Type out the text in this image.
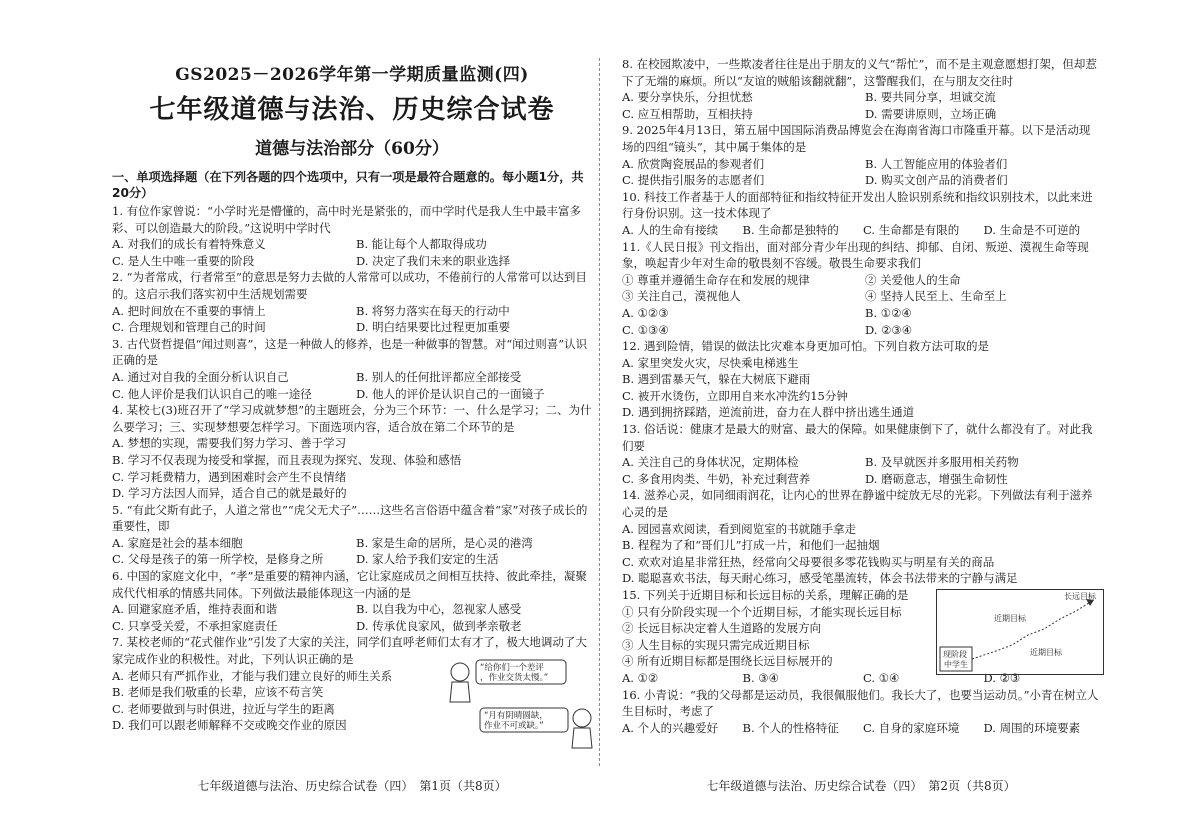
GS2025－2026学年第一学期质量监测(四)
七年级道德与法治、历史综合试卷
道德与法治部分（60分）
一、单项选择题（在下列各题的四个选项中，只有一项是最符合题意的。每小题1分，共20分）
1. 有位作家曾说：“小学时光是懵懂的，高中时光是紧张的，而中学时代是我人生中最丰富多彩、可以创造最大的阶段。”这说明中学时代
A. 对我们的成长有着特殊意义	B. 能让每个人都取得成功
C. 是人生中唯一重要的阶段	D. 决定了我们未来的职业选择
2. “为者常成，行者常至”的意思是努力去做的人常常可以成功，不倦前行的人常常可以达到目的。这启示我们落实初中生活规划需要
A. 把时间放在不重要的事情上	B. 将努力落实在每天的行动中
C. 合理规划和管理自己的时间	D. 明白结果要比过程更加重要
3. 古代贤哲提倡“闻过则喜”，这是一种做人的修养，也是一种做事的智慧。对“闻过则喜”认识正确的是
A. 通过对自我的全面分析认识自己	B. 别人的任何批评都应全部接受
C. 他人评价是我们认识自己的唯一途径	D. 他人的评价是认识自己的一面镜子
4. 某校七(3)班召开了“学习成就梦想”的主题班会，分为三个环节：一、什么是学习；二、为什么要学习；三、实现梦想要怎样学习。下面选项内容，适合放在第二个环节的是
A. 梦想的实现，需要我们努力学习、善于学习
B. 学习不仅表现为接受和掌握，而且表现为探究、发现、体验和感悟
C. 学习耗费精力，遇到困难时会产生不良情绪
D. 学习方法因人而异，适合自己的就是最好的
5. “有此父斯有此子，人道之常也”“虎父无犬子”……这些名言俗语中蕴含着“家”对孩子成长的重要性，即
A. 家庭是社会的基本细胞	B. 家是生命的居所，是心灵的港湾
C. 父母是孩子的第一所学校，是修身之所	D. 家人给予我们安定的生活
6. 中国的家庭文化中，“孝”是重要的精神内涵，它让家庭成员之间相互扶持、彼此牵挂，凝聚成代代相承的情感共同体。下列做法最能体现这一内涵的是
A. 回避家庭矛盾，维持表面和谐	B. 以自我为中心，忽视家人感受
C. 只享受关爱，不承担家庭责任	D. 传承优良家风，做到孝亲敬老
7. 某校老师的“花式催作业”引发了大家的关注，同学们直呼老师们太有才了，极大地调动了大家完成作业的积极性。对此，下列认识正确的是
A. 老师只有严抓作业，才能与我们建立良好的师生关系
B. 老师是我们敬重的长辈，应该不苟言笑
C. 老师要做到与时俱进，拉近与学生的距离
D. 我们可以跟老师解释不交或晚交作业的原因
“给你们一个差评
，作业交货太慢。”
“月有阴晴圆缺，
作业不可或缺。”
七年级道德与法治、历史综合试卷（四）　第1页（共8页）
8. 在校园欺凌中，一些欺凌者往往是出于朋友的义气“帮忙”，而不是主观意愿想打架，但却惹下了无端的麻烦。所以“友谊的贼船该翻就翻”，这警醒我们，在与朋友交往时
A. 要分享快乐，分担忧愁	B. 要共同分享，坦诚交流
C. 应互相帮助，互相扶持	D. 需要讲原则，立场正确
9. 2025年4月13日，第五届中国国际消费品博览会在海南省海口市隆重开幕。以下是活动现场的四组“镜头”，其中属于集体的是
A. 欣赏陶瓷展品的参观者们	B. 人工智能应用的体验者们
C. 提供指引服务的志愿者们	D. 购买文创产品的消费者们
10. 科技工作者基于人的面部特征和指纹特征开发出人脸识别系统和指纹识别技术，以此来进行身份识别。这一技术体现了
A. 人的生命有接续	B. 生命都是独特的	C. 生命都是有限的	D. 生命是不可逆的
11.《人民日报》刊文指出，面对部分青少年出现的纠结、抑郁、自闭、叛逆、漠视生命等现象，唤起青少年对生命的敬畏刻不容缓。敬畏生命要求我们
① 尊重并遵循生命存在和发展的规律	② 关爱他人的生命
③ 关注自己，漠视他人	④ 坚持人民至上、生命至上
A. ①②③	B. ①②④
C. ①③④	D. ②③④
12. 遇到险情，错误的做法比灾难本身更加可怕。下列自救方法可取的是
A. 家里突发火灾，尽快乘电梯逃生
B. 遇到雷暴天气，躲在大树底下避雨
C. 被开水烫伤，立即用自来水冲洗约15分钟
D. 遇到拥挤踩踏，逆流前进，奋力在人群中挤出逃生通道
13. 俗话说：健康才是最大的财富、最大的保障。如果健康倒下了，就什么都没有了。对此我们要
A. 关注自己的身体状况，定期体检	B. 及早就医并多服用相关药物
C. 多食用肉类、牛奶，补充过剩营养	D. 磨砺意志，增强生命韧性
14. 滋养心灵，如同细雨润花，让内心的世界在静谧中绽放无尽的光彩。下列做法有利于滋养心灵的是
A. 园园喜欢阅读，看到阅览室的书就随手拿走
B. 程程为了和“哥们儿”打成一片，和他们一起抽烟
C. 欢欢对追星非常狂热，经常向父母要很多零花钱购买与明星有关的商品
D. 聪聪喜欢书法，每天耐心练习，感受笔墨流转，体会书法带来的宁静与满足
15. 下列关于近期目标和长远目标的关系，理解正确的是
① 只有分阶段实现一个个近期目标，才能实现长远目标
② 长远目标决定着人生道路的发展方向
③ 人生目标的实现只需完成近期目标
④ 所有近期目标都是围绕长远目标展开的
A. ①②	B. ③④	C. ①④	D. ②③
长远目标
近期目标
近期目标
现阶段
中学生
16. 小青说：“我的父母都是运动员，我很佩服他们。我长大了，也要当运动员。”小青在树立人生目标时，考虑了
A. 个人的兴趣爱好	B. 个人的性格特征	C. 自身的家庭环境	D. 周围的环境要素
七年级道德与法治、历史综合试卷（四）　第2页（共8页）
